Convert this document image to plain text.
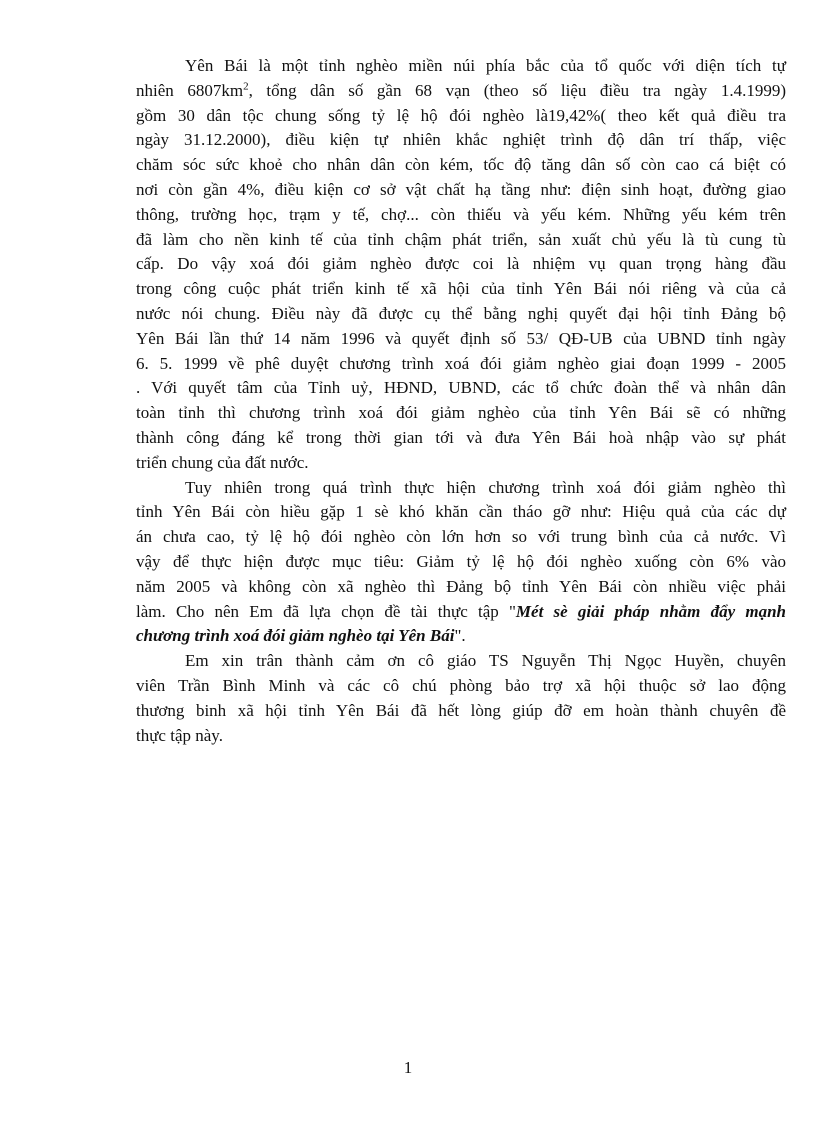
Yên Bái là một tỉnh nghèo miền núi phía bắc của tổ quốc với diện tích tự
nhiên $6807km^2$, tổng dân số gần 68 vạn (theo số liệu điều tra ngày 1.4.1999)
gồm 30 dân tộc chung sống tỷ lệ hộ đói nghèo là19,42%( theo kết quả điều tra
ngày 31.12.2000), điều kiện tự nhiên khắc nghiệt trình độ dân trí thấp, việc
chăm sóc sức khoẻ cho nhân dân còn kém, tốc độ tăng dân số còn cao cá biệt có
nơi còn gần 4%, điều kiện cơ sở vật chất hạ tầng như: điện sinh hoạt, đường giao
thông, trường học, trạm y tế, chợ... còn thiếu và yếu kém. Những yếu kém trên
đã làm cho nền kinh tế của tỉnh chậm phát triển, sản xuất chủ yếu là tù cung tù
cấp. Do vậy xoá đói giảm nghèo được coi là nhiệm vụ quan trọng hàng đầu
trong công cuộc phát triển kinh tế xã hội của tỉnh Yên Bái nói riêng và của cả
nước nói chung. Điều này đã được cụ thể bằng nghị quyết đại hội tỉnh Đảng bộ
Yên Bái lần thứ 14 năm 1996 và quyết định số 53/ QĐ-UB của UBND tỉnh ngày
6. 5. 1999 về phê duyệt chương trình xoá đói giảm nghèo giai đoạn 1999 - 2005
. Với quyết tâm của Tỉnh uỷ, HĐND, UBND, các tổ chức đoàn thể và nhân dân
toàn tỉnh thì chương trình xoá đói giảm nghèo của tỉnh Yên Bái sẽ có những
thành công đáng kể trong thời gian tới và đưa Yên Bái hoà nhập vào sự phát
triển chung của đất nước.
Tuy nhiên trong quá trình thực hiện chương trình xoá đói giảm nghèo thì
tỉnh Yên Bái còn hiều gặp 1 sè khó khăn cần tháo gỡ như: Hiệu quả của các dự
án chưa cao, tỷ lệ hộ đói nghèo còn lớn hơn so với trung bình của cả nước. Vì
vậy để thực hiện được mục tiêu: Giảm tỷ lệ hộ đói nghèo xuống còn 6% vào
năm 2005 và không còn xã nghèo thì Đảng bộ tỉnh Yên Bái còn nhiều việc phải
làm. Cho nên Em đã lựa chọn đề tài thực tập "Mét sè giải pháp nhằm đẩy mạnh
chương trình xoá đói giảm nghèo tại Yên Bái".
Em xin trân thành cảm ơn cô giáo TS Nguyễn Thị Ngọc Huyền, chuyên
viên Trần Bình Minh và các cô chú phòng bảo trợ xã hội thuộc sở lao động
thương binh xã hội tỉnh Yên Bái đã hết lòng giúp đỡ em hoàn thành chuyên đề
thực tập này.
1
